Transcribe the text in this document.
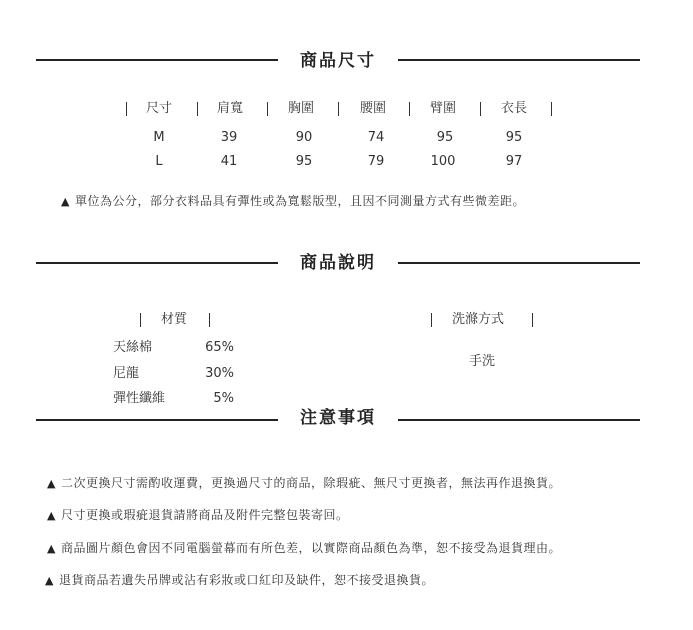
商品尺寸
尺寸	肩寬	胸圍	腰圍	臂圍	衣長
M	39	90	74	95	95
L	41	95	79	100	97
▲ 單位為公分，部分衣料品具有彈性或為寬鬆版型，且因不同測量方式有些微差距。
商品說明
材質
天絲棉	65%
尼龍	30%
彈性纖維	5%
洗滌方式
手洗
注意事項
▲ 二次更換尺寸需酌收運費，更換過尺寸的商品，除瑕疵、無尺寸更換者，無法再作退換貨。
▲ 尺寸更換或瑕疵退貨請將商品及附件完整包裝寄回。
▲ 商品圖片顏色會因不同電腦螢幕而有所色差，以實際商品顏色為準，恕不接受為退貨理由。
▲ 退貨商品若遺失吊牌或沾有彩妝或口紅印及缺件，恕不接受退換貨。
